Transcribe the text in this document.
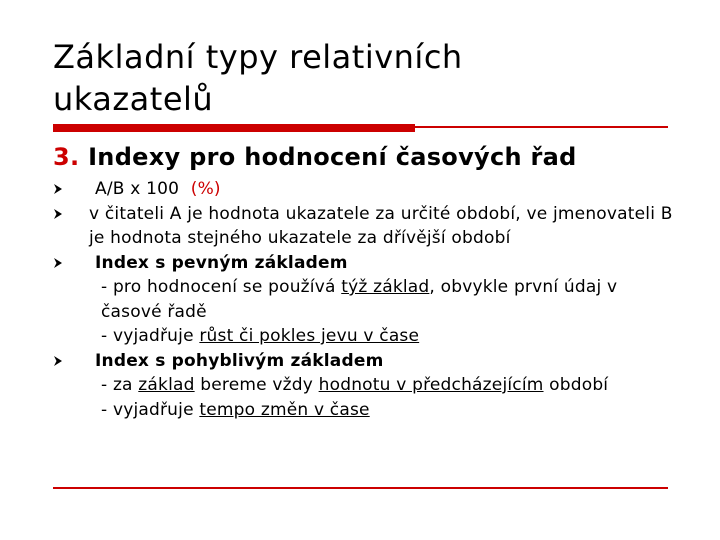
Základní typy relativních
ukazatelů
3. Indexy pro hodnocení časových řad
A/B x 100 (%)
v čitateli A je hodnota ukazatele za určité období, ve jmenovateli B je hodnota stejného ukazatele za dřívější období
Index s pevným základem
- pro hodnocení se používá týž základ, obvykle první údaj v časové řadě
- vyjadřuje růst či pokles jevu v čase
Index s pohyblivým základem
- za základ bereme vždy hodnotu v předcházejícím období
- vyjadřuje tempo změn v čase
